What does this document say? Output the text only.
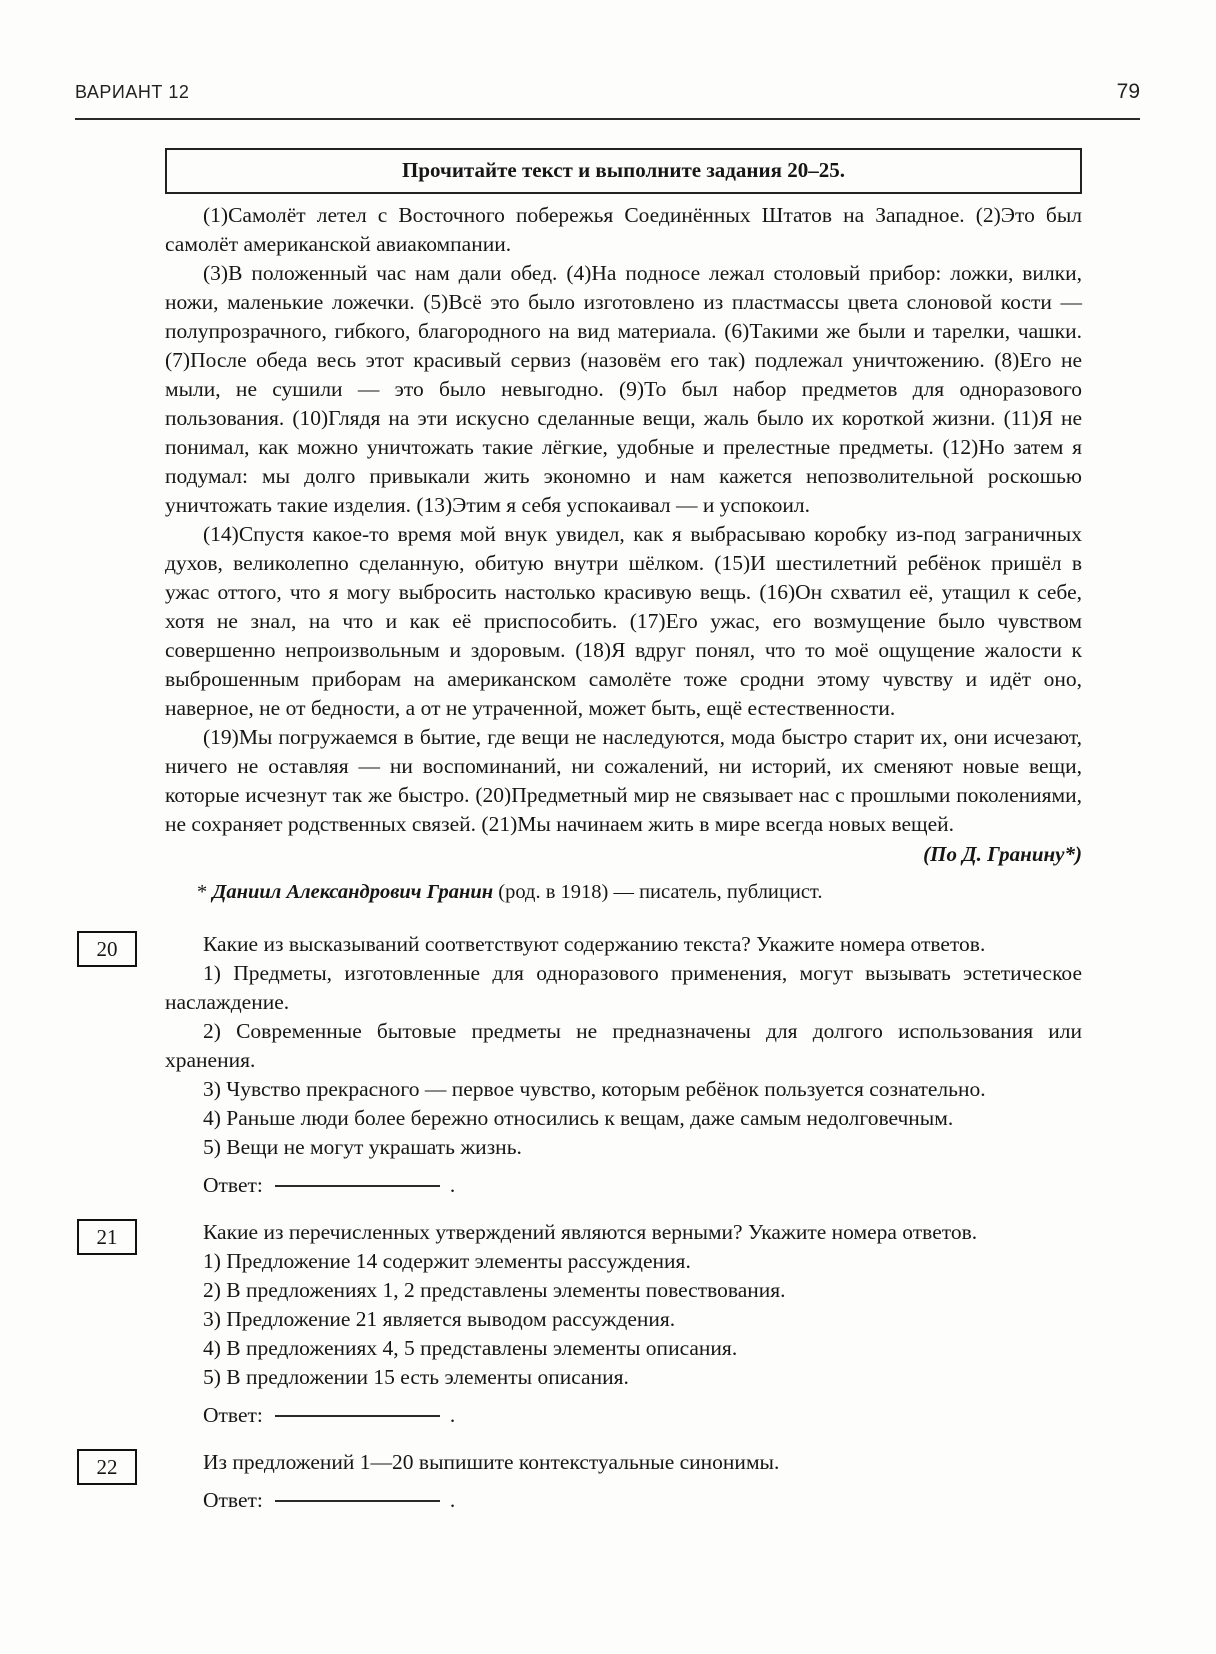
ВАРИАНТ 12	79
Прочитайте текст и выполните задания 20–25.

(1)Самолёт летел с Восточного побережья Соединённых Штатов на Западное. (2)Это был самолёт американской авиакомпании.

(3)В положенный час нам дали обед. (4)На подносе лежал столовый прибор: ложки, вилки, ножи, маленькие ложечки. (5)Всё это было изготовлено из пластмассы цвета слоновой кости — полупрозрачного, гибкого, благородного на вид материала. (6)Такими же были и тарелки, чашки. (7)После обеда весь этот красивый сервиз (назовём его так) подлежал уничтожению. (8)Его не мыли, не сушили — это было невыгодно. (9)То был набор предметов для одноразового пользования. (10)Глядя на эти искусно сделанные вещи, жаль было их короткой жизни. (11)Я не понимал, как можно уничтожать такие лёгкие, удобные и прелестные предметы. (12)Но затем я подумал: мы долго привыкали жить экономно и нам кажется непозволительной роскошью уничтожать такие изделия. (13)Этим я себя успокаивал — и успокоил.

(14)Спустя какое-то время мой внук увидел, как я выбрасываю коробку из-под заграничных духов, великолепно сделанную, обитую внутри шёлком. (15)И шестилетний ребёнок пришёл в ужас оттого, что я могу выбросить настолько красивую вещь. (16)Он схватил её, утащил к себе, хотя не знал, на что и как её приспособить. (17)Его ужас, его возмущение было чувством совершенно непроизвольным и здоровым. (18)Я вдруг понял, что то моё ощущение жалости к выброшенным приборам на американском самолёте тоже сродни этому чувству и идёт оно, наверное, не от бедности, а от не утраченной, может быть, ещё естественности.

(19)Мы погружаемся в бытие, где вещи не наследуются, мода быстро старит их, они исчезают, ничего не оставляя — ни воспоминаний, ни сожалений, ни историй, их сменяют новые вещи, которые исчезнут так же быстро. (20)Предметный мир не связывает нас с прошлыми поколениями, не сохраняет родственных связей. (21)Мы начинаем жить в мире всегда новых вещей.

(По Д. Гранину*)
* Даниил Александрович Гранин (род. в 1918) — писатель, публицист.
20	Какие из высказываний соответствуют содержанию текста? Укажите номера ответов.

1) Предметы, изготовленные для одноразового применения, могут вызывать эстетическое наслаждение.

2) Современные бытовые предметы не предназначены для долгого использования или хранения.

3) Чувство прекрасного — первое чувство, которым ребёнок пользуется сознательно.

4) Раньше люди более бережно относились к вещам, даже самым недолговечным.

5) Вещи не могут украшать жизнь.

Ответ:	.

21	Какие из перечисленных утверждений являются верными? Укажите номера ответов.

1) Предложение 14 содержит элементы рассуждения.

2) В предложениях 1, 2 представлены элементы повествования.

3) Предложение 21 является выводом рассуждения.

4) В предложениях 4, 5 представлены элементы описания.

5) В предложении 15 есть элементы описания.

Ответ:	.

22	Из предложений 1—20 выпишите контекстуальные синонимы.

Ответ:	.
